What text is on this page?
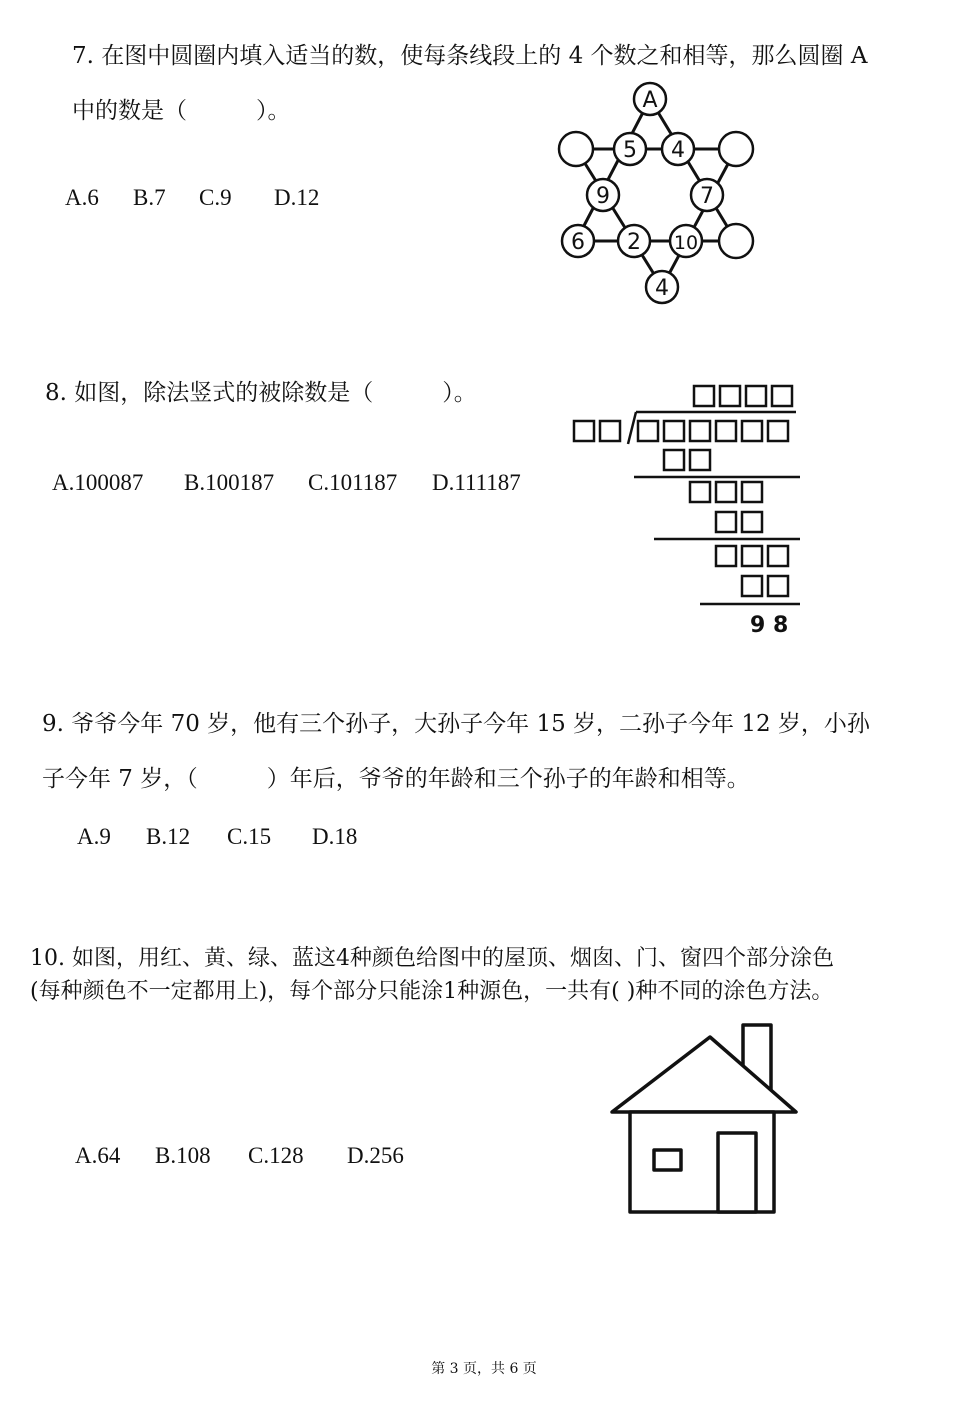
7. 在图中圆圈内填入适当的数，使每条线段上的 4 个数之和相等，那么圆圈 A
中的数是（　　　）。
A.6 B.7 C.9 D.12
A
5 4
9	7
6 2 10
4
8. 如图，除法竖式的被除数是（　　　）。
A.100087 B.100187 C.101187 D.111187
9 8
9. 爷爷今年 70 岁，他有三个孙子，大孙子今年 15 岁，二孙子今年 12 岁，小孙
子今年 7 岁，（　　　）年后，爷爷的年龄和三个孙子的年龄和相等。
A.9 B.12 C.15 D.18
10. 如图，用红、黄、绿、蓝这4种颜色给图中的屋顶、烟囱、门、窗四个部分涂色
(每种颜色不一定都用上)，每个部分只能涂1种源色，一共有( )种不同的涂色方法。
A.64 B.108 C.128 D.256
第 3 页，共 6 页
